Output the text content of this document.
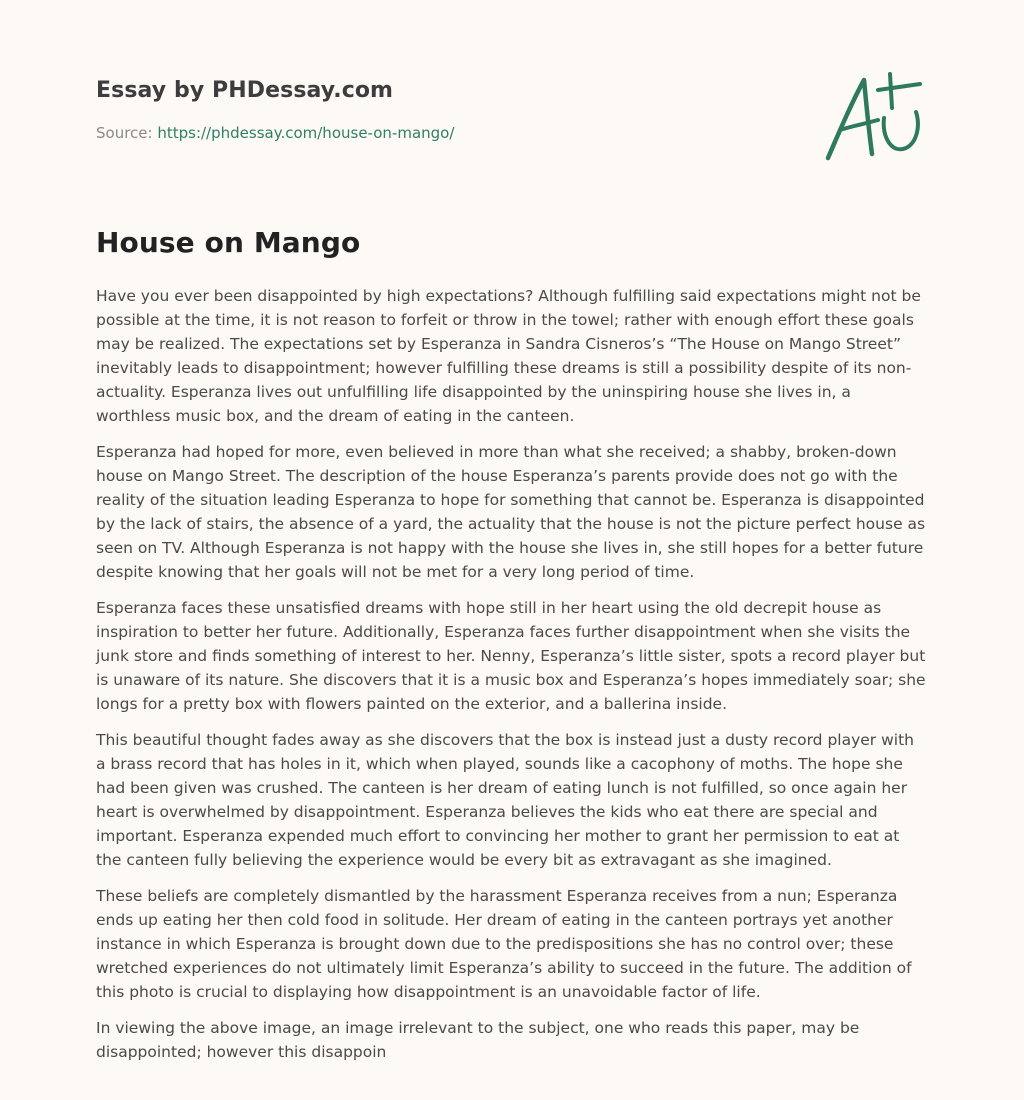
Essay by PHDessay.com
Source: https://phdessay.com/house-on-mango/
House on Mango

Have you ever been disappointed by high expectations? Although fulfilling said expectations might not be possible at the time, it is not reason to forfeit or throw in the towel; rather with enough effort these goals may be realized. The expectations set by Esperanza in Sandra Cisneros’s “The House on Mango Street” inevitably leads to disappointment; however fulfilling these dreams is still a possibility despite of its non-actuality. Esperanza lives out unfulfilling life disappointed by the uninspiring house she lives in, a worthless music box, and the dream of eating in the canteen.

Esperanza had hoped for more, even believed in more than what she received; a shabby, broken-down house on Mango Street. The description of the house Esperanza’s parents provide does not go with the reality of the situation leading Esperanza to hope for something that cannot be. Esperanza is disappointed by the lack of stairs, the absence of a yard, the actuality that the house is not the picture perfect house as seen on TV. Although Esperanza is not happy with the house she lives in, she still hopes for a better future despite knowing that her goals will not be met for a very long period of time.

Esperanza faces these unsatisfied dreams with hope still in her heart using the old decrepit house as inspiration to better her future. Additionally, Esperanza faces further disappointment when she visits the junk store and finds something of interest to her. Nenny, Esperanza’s little sister, spots a record player but is unaware of its nature. She discovers that it is a music box and Esperanza’s hopes immediately soar; she longs for a pretty box with flowers painted on the exterior, and a ballerina inside.

This beautiful thought fades away as she discovers that the box is instead just a dusty record player with a brass record that has holes in it, which when played, sounds like a cacophony of moths. The hope she had been given was crushed. The canteen is her dream of eating lunch is not fulfilled, so once again her heart is overwhelmed by disappointment. Esperanza believes the kids who eat there are special and important. Esperanza expended much effort to convincing her mother to grant her permission to eat at the canteen fully believing the experience would be every bit as extravagant as she imagined.

These beliefs are completely dismantled by the harassment Esperanza receives from a nun; Esperanza ends up eating her then cold food in solitude. Her dream of eating in the canteen portrays yet another instance in which Esperanza is brought down due to the predispositions she has no control over; these wretched experiences do not ultimately limit Esperanza’s ability to succeed in the future. The addition of this photo is crucial to displaying how disappointment is an unavoidable factor of life.

In viewing the above image, an image irrelevant to the subject, one who reads this paper, may be disappointed; however this disappoin
